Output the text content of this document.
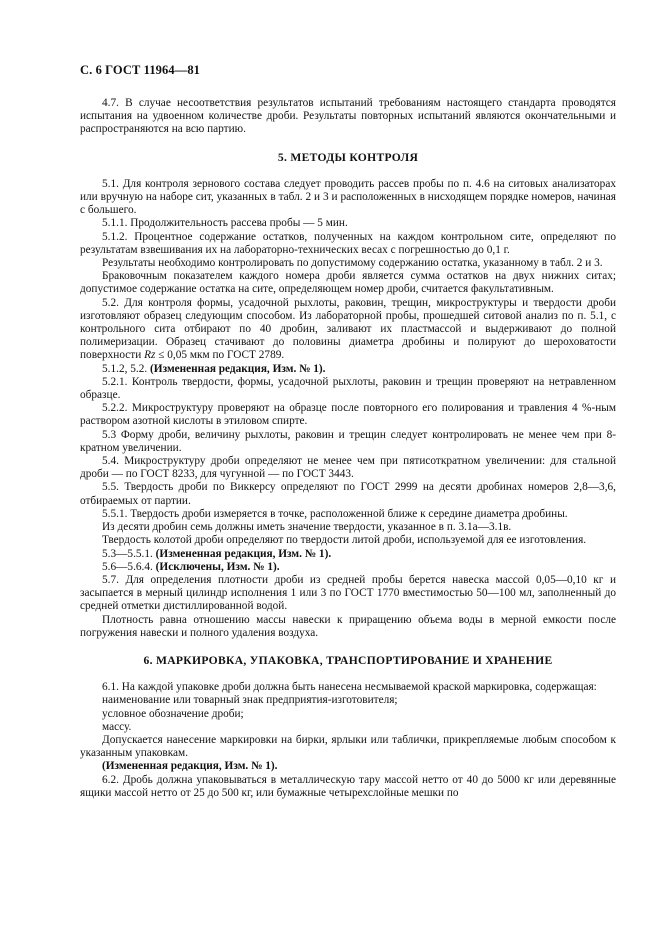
С. 6 ГОСТ 11964—81

4.7. В случае несоответствия результатов испытаний требованиям настоящего стандарта проводятся испытания на удвоенном количестве дроби. Результаты повторных испытаний являются окончательными и распространяются на всю партию.

5. МЕТОДЫ КОНТРОЛЯ

5.1. Для контроля зернового состава следует проводить рассев пробы по п. 4.6 на ситовых анализаторах или вручную на наборе сит, указанных в табл. 2 и 3 и расположенных в нисходящем порядке номеров, начиная с большего.

5.1.1. Продолжительность рассева пробы — 5 мин.

5.1.2. Процентное содержание остатков, полученных на каждом контрольном сите, определяют по результатам взвешивания их на лабораторно-технических весах с погрешностью до 0,1 г.

Результаты необходимо контролировать по допустимому содержанию остатка, указанному в табл. 2 и 3.

Браковочным показателем каждого номера дроби является сумма остатков на двух нижних ситах; допустимое содержание остатка на сите, определяющем номер дроби, считается факультативным.

5.2. Для контроля формы, усадочной рыхлоты, раковин, трещин, микроструктуры и твердости дроби изготовляют образец следующим способом. Из лабораторной пробы, прошедшей ситовой анализ по п. 5.1, с контрольного сита отбирают по 40 дробин, заливают их пластмассой и выдерживают до полной полимеризации. Образец стачивают до половины диаметра дробины и полируют до шероховатости поверхности Rz ≤ 0,05 мкм по ГОСТ 2789.

5.1.2, 5.2. (Измененная редакция, Изм. № 1).

5.2.1. Контроль твердости, формы, усадочной рыхлоты, раковин и трещин проверяют на нетравленном образце.

5.2.2. Микроструктуру проверяют на образце после повторного его полирования и травления 4 %-ным раствором азотной кислоты в этиловом спирте.

5.3 Форму дроби, величину рыхлоты, раковин и трещин следует контролировать не менее чем при 8-кратном увеличении.

5.4. Микроструктуру дроби определяют не менее чем при пятисоткратном увеличении: для стальной дроби — по ГОСТ 8233, для чугунной — по ГОСТ 3443.

5.5. Твердость дроби по Виккерсу определяют по ГОСТ 2999 на десяти дробинах номеров 2,8—3,6, отбираемых от партии.

5.5.1. Твердость дроби измеряется в точке, расположенной ближе к середине диаметра дробины.

Из десяти дробин семь должны иметь значение твердости, указанное в п. 3.1а—3.1в.

Твердость колотой дроби определяют по твердости литой дроби, используемой для ее изготовления.

5.3—5.5.1. (Измененная редакция, Изм. № 1).

5.6—5.6.4. (Исключены, Изм. № 1).

5.7. Для определения плотности дроби из средней пробы берется навеска массой 0,05—0,10 кг и засыпается в мерный цилиндр исполнения 1 или 3 по ГОСТ 1770 вместимостью 50—100 мл, заполненный до средней отметки дистиллированной водой.

Плотность равна отношению массы навески к приращению объема воды в мерной емкости после погружения навески и полного удаления воздуха.

6. МАРКИРОВКА, УПАКОВКА, ТРАНСПОРТИРОВАНИЕ И ХРАНЕНИЕ

6.1. На каждой упаковке дроби должна быть нанесена несмываемой краской маркировка, содержащая:

наименование или товарный знак предприятия-изготовителя;

условное обозначение дроби;

массу.

Допускается нанесение маркировки на бирки, ярлыки или таблички, прикрепляемые любым способом к указанным упаковкам.

(Измененная редакция, Изм. № 1).

6.2. Дробь должна упаковываться в металлическую тару массой нетто от 40 до 5000 кг или деревянные ящики массой нетто от 25 до 500 кг, или бумажные четырехслойные мешки по
